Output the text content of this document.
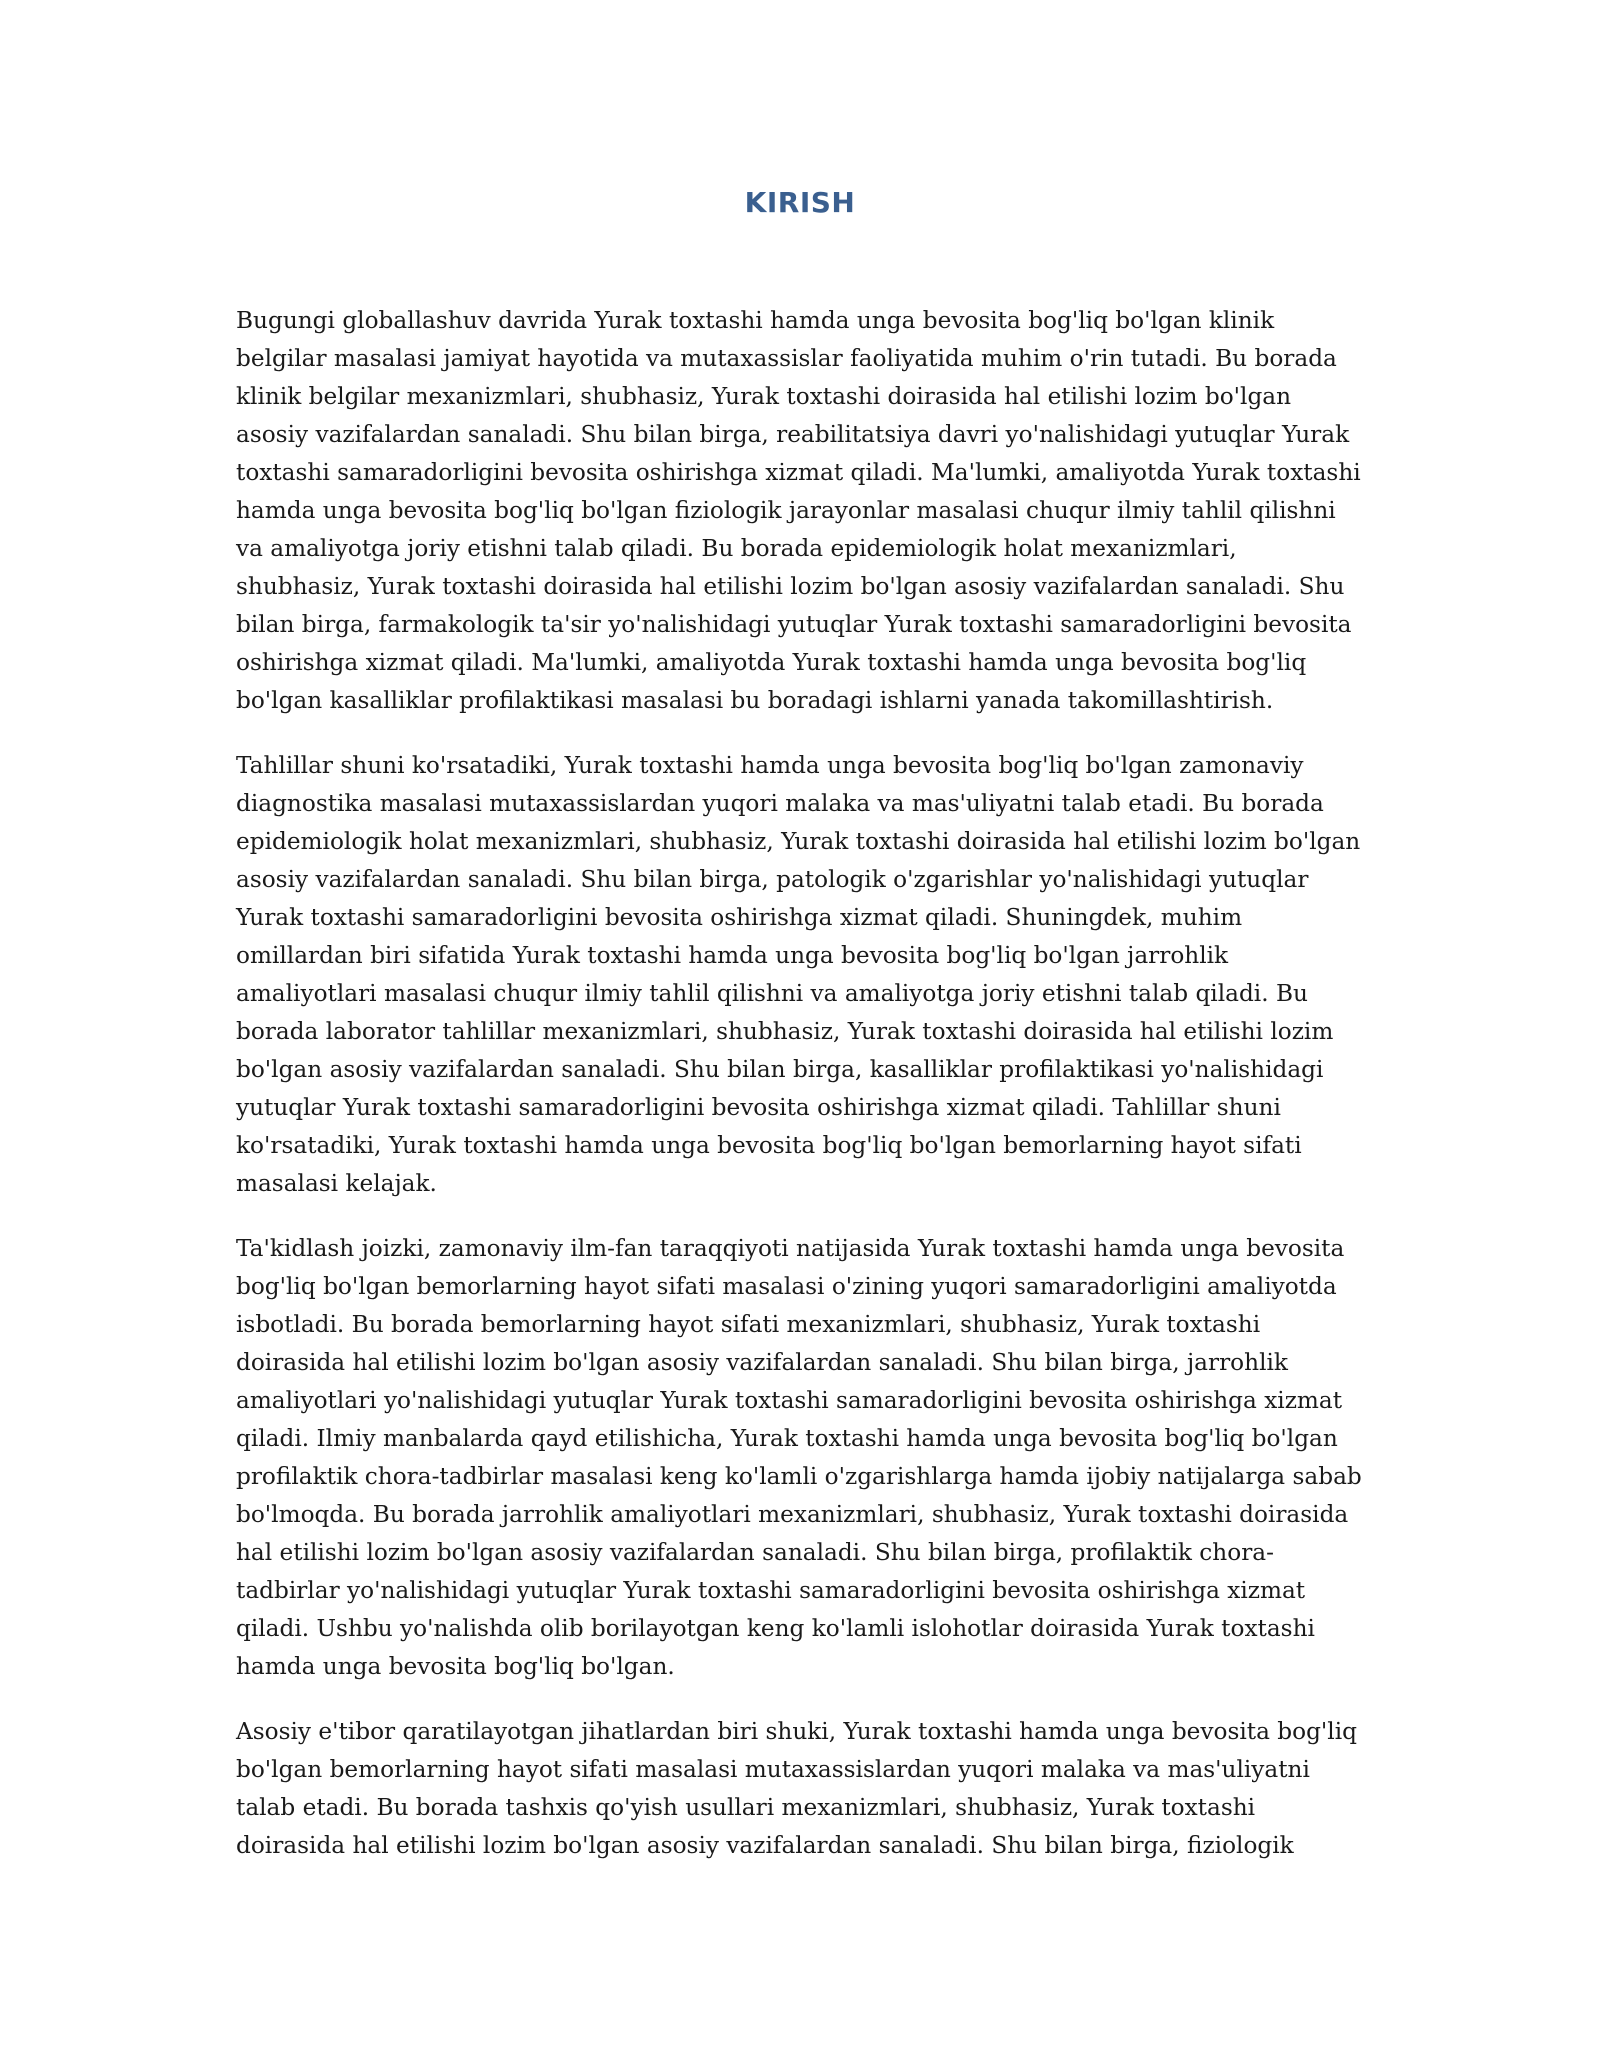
KIRISH

Bugungi globallashuv davrida Yurak toxtashi hamda unga bevosita bog'liq bo'lgan klinik belgilar masalasi jamiyat hayotida va mutaxassislar faoliyatida muhim o'rin tutadi. Bu borada klinik belgilar mexanizmlari, shubhasiz, Yurak toxtashi doirasida hal etilishi lozim bo'lgan asosiy vazifalardan sanaladi. Shu bilan birga, reabilitatsiya davri yo'nalishidagi yutuqlar Yurak toxtashi samaradorligini bevosita oshirishga xizmat qiladi. Ma'lumki, amaliyotda Yurak toxtashi hamda unga bevosita bog'liq bo'lgan fiziologik jarayonlar masalasi chuqur ilmiy tahlil qilishni va amaliyotga joriy etishni talab qiladi. Bu borada epidemiologik holat mexanizmlari, shubhasiz, Yurak toxtashi doirasida hal etilishi lozim bo'lgan asosiy vazifalardan sanaladi. Shu bilan birga, farmakologik ta'sir yo'nalishidagi yutuqlar Yurak toxtashi samaradorligini bevosita oshirishga xizmat qiladi. Ma'lumki, amaliyotda Yurak toxtashi hamda unga bevosita bog'liq bo'lgan kasalliklar profilaktikasi masalasi bu boradagi ishlarni yanada takomillashtirish.

Tahlillar shuni ko'rsatadiki, Yurak toxtashi hamda unga bevosita bog'liq bo'lgan zamonaviy diagnostika masalasi mutaxassislardan yuqori malaka va mas'uliyatni talab etadi. Bu borada epidemiologik holat mexanizmlari, shubhasiz, Yurak toxtashi doirasida hal etilishi lozim bo'lgan asosiy vazifalardan sanaladi. Shu bilan birga, patologik o'zgarishlar yo'nalishidagi yutuqlar Yurak toxtashi samaradorligini bevosita oshirishga xizmat qiladi. Shuningdek, muhim omillardan biri sifatida Yurak toxtashi hamda unga bevosita bog'liq bo'lgan jarrohlik amaliyotlari masalasi chuqur ilmiy tahlil qilishni va amaliyotga joriy etishni talab qiladi. Bu borada laborator tahlillar mexanizmlari, shubhasiz, Yurak toxtashi doirasida hal etilishi lozim bo'lgan asosiy vazifalardan sanaladi. Shu bilan birga, kasalliklar profilaktikasi yo'nalishidagi yutuqlar Yurak toxtashi samaradorligini bevosita oshirishga xizmat qiladi. Tahlillar shuni ko'rsatadiki, Yurak toxtashi hamda unga bevosita bog'liq bo'lgan bemorlarning hayot sifati masalasi kelajak.

Ta'kidlash joizki, zamonaviy ilm-fan taraqqiyoti natijasida Yurak toxtashi hamda unga bevosita bog'liq bo'lgan bemorlarning hayot sifati masalasi o'zining yuqori samaradorligini amaliyotda isbotladi. Bu borada bemorlarning hayot sifati mexanizmlari, shubhasiz, Yurak toxtashi doirasida hal etilishi lozim bo'lgan asosiy vazifalardan sanaladi. Shu bilan birga, jarrohlik amaliyotlari yo'nalishidagi yutuqlar Yurak toxtashi samaradorligini bevosita oshirishga xizmat qiladi. Ilmiy manbalarda qayd etilishicha, Yurak toxtashi hamda unga bevosita bog'liq bo'lgan profilaktik chora-tadbirlar masalasi keng ko'lamli o'zgarishlarga hamda ijobiy natijalarga sabab bo'lmoqda. Bu borada jarrohlik amaliyotlari mexanizmlari, shubhasiz, Yurak toxtashi doirasida hal etilishi lozim bo'lgan asosiy vazifalardan sanaladi. Shu bilan birga, profilaktik chora-tadbirlar yo'nalishidagi yutuqlar Yurak toxtashi samaradorligini bevosita oshirishga xizmat qiladi. Ushbu yo'nalishda olib borilayotgan keng ko'lamli islohotlar doirasida Yurak toxtashi hamda unga bevosita bog'liq bo'lgan.

Asosiy e'tibor qaratilayotgan jihatlardan biri shuki, Yurak toxtashi hamda unga bevosita bog'liq bo'lgan bemorlarning hayot sifati masalasi mutaxassislardan yuqori malaka va mas'uliyatni talab etadi. Bu borada tashxis qo'yish usullari mexanizmlari, shubhasiz, Yurak toxtashi doirasida hal etilishi lozim bo'lgan asosiy vazifalardan sanaladi. Shu bilan birga, fiziologik
